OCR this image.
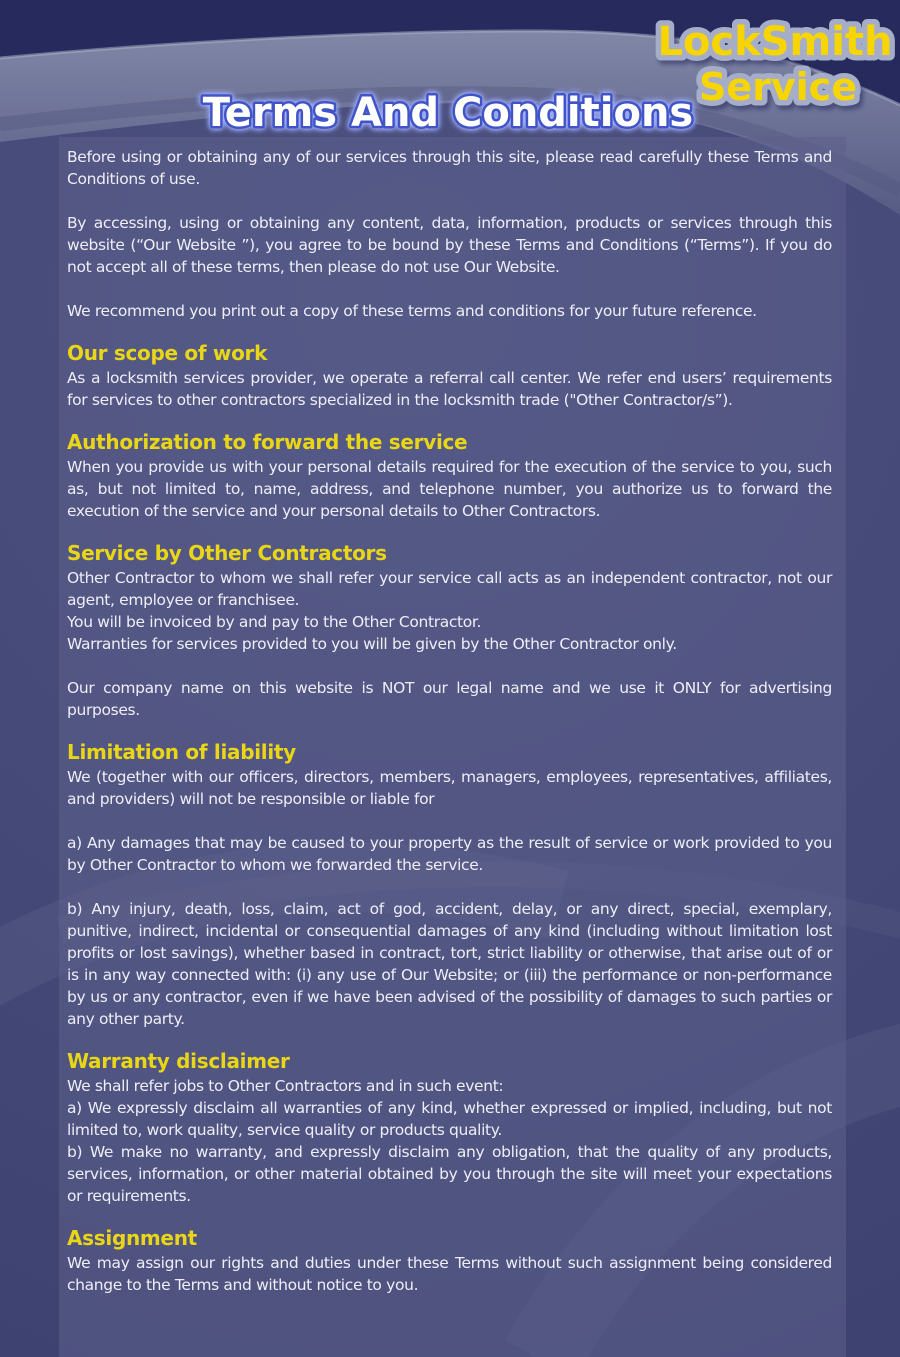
LockSmith
Service
Terms And Conditions

Before using or obtaining any of our services through this site, please read carefully these Terms and Conditions of use.

By accessing, using or obtaining any content, data, information, products or services through this website (“Our Website ”), you agree to be bound by these Terms and Conditions (“Terms”). If you do not accept all of these terms, then please do not use Our Website.

We recommend you print out a copy of these terms and conditions for your future reference.

Our scope of work

As a locksmith services provider, we operate a referral call center. We refer end users’ requirements for services to other contractors specialized in the locksmith trade ("Other Contractor/s”).

Authorization to forward the service

When you provide us with your personal details required for the execution of the service to you, such as, but not limited to, name, address, and telephone number, you authorize us to forward the execution of the service and your personal details to Other Contractors.

Service by Other Contractors

Other Contractor to whom we shall refer your service call acts as an independent contractor, not our agent, employee or franchisee.
You will be invoiced by and pay to the Other Contractor.
Warranties for services provided to you will be given by the Other Contractor only.

Our company name on this website is NOT our legal name and we use it ONLY for advertising purposes.

Limitation of liability

We (together with our officers, directors, members, managers, employees, representatives, affiliates, and providers) will not be responsible or liable for

a) Any damages that may be caused to your property as the result of service or work provided to you by Other Contractor to whom we forwarded the service.

b) Any injury, death, loss, claim, act of god, accident, delay, or any direct, special, exemplary, punitive, indirect, incidental or consequential damages of any kind (including without limitation lost profits or lost savings), whether based in contract, tort, strict liability or otherwise, that arise out of or is in any way connected with: (i) any use of Our Website; or (iii) the performance or non-performance by us or any contractor, even if we have been advised of the possibility of damages to such parties or any other party.

Warranty disclaimer

We shall refer jobs to Other Contractors and in such event:
a) We expressly disclaim all warranties of any kind, whether expressed or implied, including, but not limited to, work quality, service quality or products quality.
b) We make no warranty, and expressly disclaim any obligation, that the quality of any products, services, information, or other material obtained by you through the site will meet your expectations or requirements.

Assignment

We may assign our rights and duties under these Terms without such assignment being considered change to the Terms and without notice to you.
